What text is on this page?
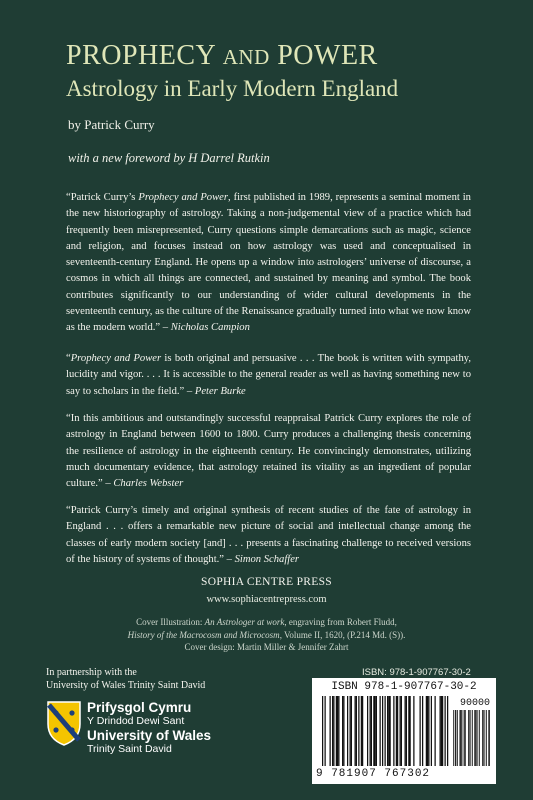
PROPHECY AND POWER
Astrology in Early Modern England
by Patrick Curry
with a new foreword by H Darrel Rutkin
“Patrick Curry’s Prophecy and Power, first published in 1989, represents a seminal moment in the new historiography of astrology. Taking a non-judgemental view of a practice which had frequently been misrepresented, Curry questions simple demarcations such as magic, science and religion, and focuses instead on how astrology was used and conceptualised in seventeenth-century England. He opens up a window into astrologers’ universe of discourse, a cosmos in which all things are connected, and sustained by meaning and symbol. The book contributes significantly to our understanding of wider cultural developments in the seventeenth century, as the culture of the Renaissance gradually turned into what we now know as the modern world.” – Nicholas Campion
“Prophecy and Power is both original and persuasive . . . The book is written with sympathy, lucidity and vigor. . . . It is accessible to the general reader as well as having something new to say to scholars in the field.” – Peter Burke
“In this ambitious and outstandingly successful reappraisal Patrick Curry explores the role of astrology in England between 1600 to 1800. Curry produces a challenging thesis concerning the resilience of astrology in the eighteenth century. He convincingly demonstrates, utilizing much documentary evidence, that astrology retained its vitality as an ingredient of popular culture.” – Charles Webster
“Patrick Curry’s timely and original synthesis of recent studies of the fate of astrology in England . . . offers a remarkable new picture of social and intellectual change among the classes of early modern society [and] . . . presents a fascinating challenge to received versions of the history of systems of thought.” – Simon Schaffer
SOPHIA CENTRE PRESS
www.sophiacentrepress.com
Cover Illustration: An Astrologer at work, engraving from Robert Fludd,
History of the Macrocosm and Microcosm, Volume II, 1620, (P.214 Md. (S)).
Cover design: Martin Miller & Jennifer Zahrt
In partnership with the
University of Wales Trinity Saint David
Prifysgol Cymru
Y Drindod Dewi Sant
University of Wales
Trinity Saint David
ISBN: 978-1-907767-30-2
ISBN 978-1-907767-30-2
90000
9 781907 767302
